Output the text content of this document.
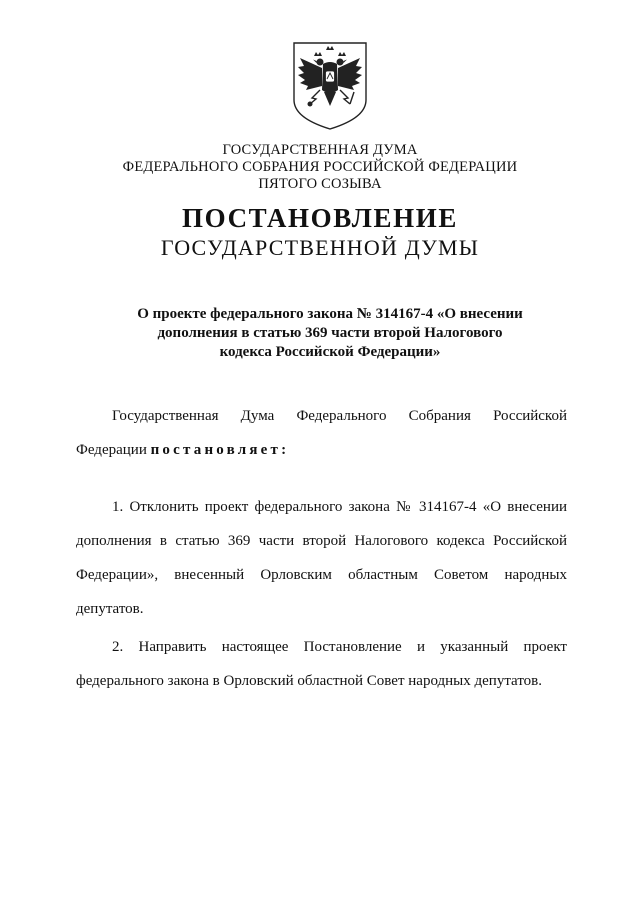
ГОСУДАРСТВЕННАЯ ДУМА
ФЕДЕРАЛЬНОГО СОБРАНИЯ РОССИЙСКОЙ ФЕДЕРАЦИИ
ПЯТОГО СОЗЫВА
ПОСТАНОВЛЕНИЕ
ГОСУДАРСТВЕННОЙ ДУМЫ
О проекте федерального закона № 314167-4 «О внесении
дополнения в статью 369 части второй Налогового
кодекса Российской Федерации»
Государственная Дума Федерального Собрания Российской
Федерации постановляет:
1. Отклонить проект федерального закона № 314167-4 «О внесении
дополнения в статью 369 части второй Налогового кодекса Российской
Федерации», внесенный Орловским областным Советом народных
депутатов.
2. Направить настоящее Постановление и указанный проект
федерального закона в Орловский областной Совет народных депутатов.
